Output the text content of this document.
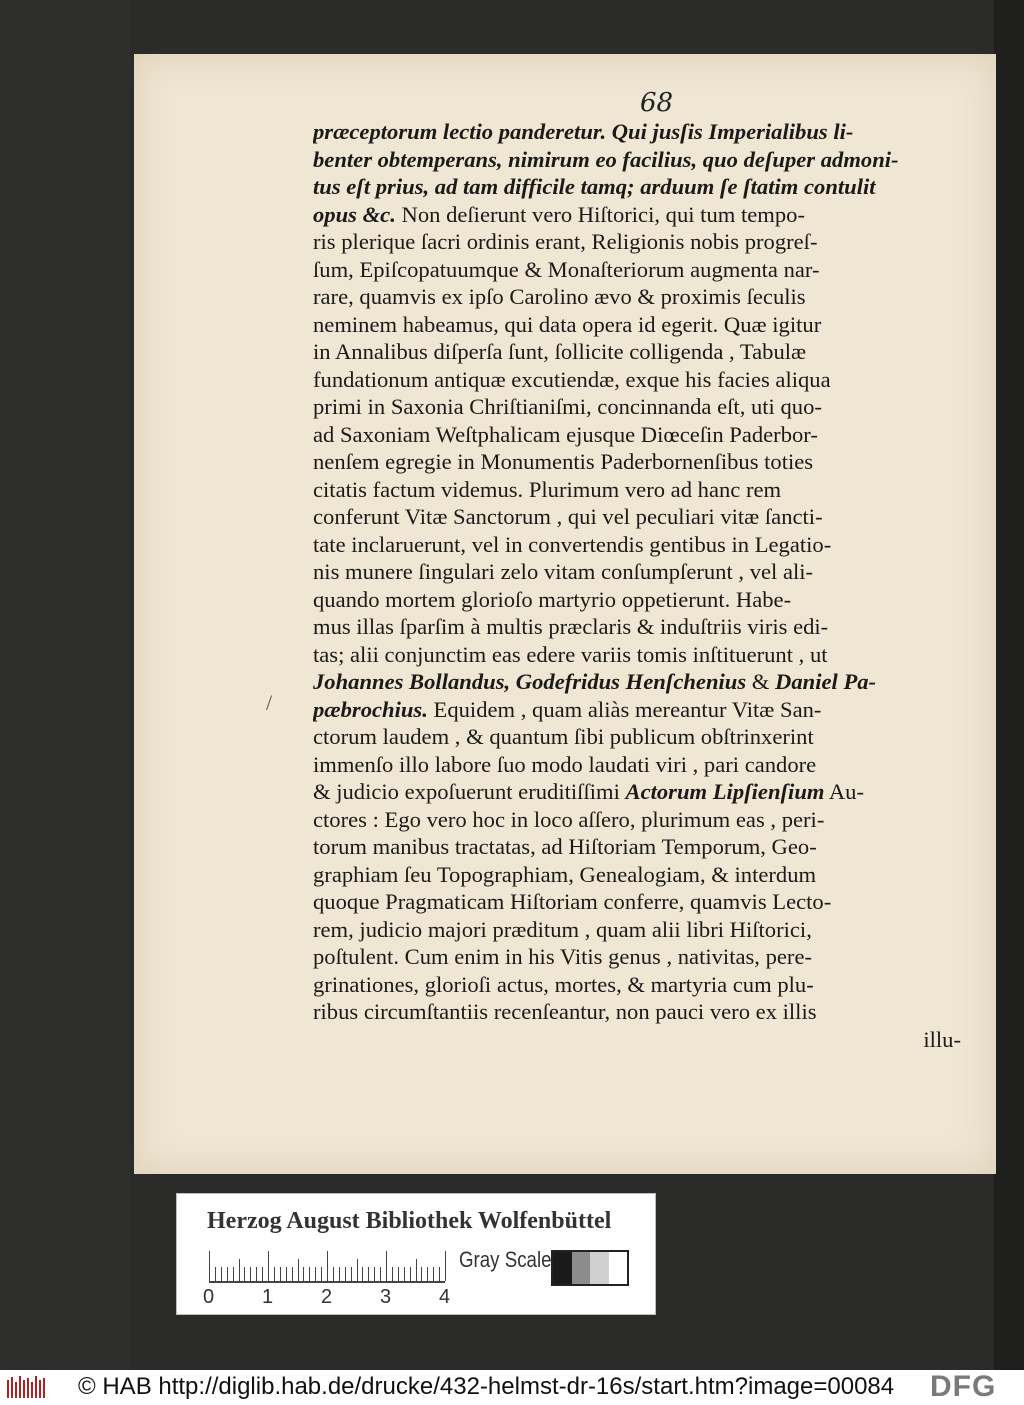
68
præceptorum lectio panderetur. Qui jusſis Imperialibus li-
benter obtemperans, nimirum eo facilius, quo deſuper admoni-
tus eſt prius, ad tam difficile tamq; arduum ſe ſtatim contulit
opus &c. Non deſierunt vero Hiſtorici, qui tum tempo-
ris plerique ſacri ordinis erant, Religionis nobis progreſ-
ſum, Epiſcopatuumque & Monaſteriorum augmenta nar-
rare, quamvis ex ipſo Carolino ævo & proximis ſeculis
neminem habeamus, qui data opera id egerit. Quæ igitur
in Annalibus diſperſa ſunt, ſollicite colligenda , Tabulæ
fundationum antiquæ excutiendæ, exque his facies aliqua
primi in Saxonia Chriſtianiſmi, concinnanda eſt, uti quo-
ad Saxoniam Weſtphalicam ejusque Diœceſin Paderbor-
nenſem egregie in Monumentis Paderbornenſibus toties
citatis factum videmus. Plurimum vero ad hanc rem
conferunt Vitæ Sanctorum , qui vel peculiari vitæ ſancti-
tate inclaruerunt, vel in convertendis gentibus in Legatio-
nis munere ſingulari zelo vitam conſumpſerunt , vel ali-
quando mortem glorioſo martyrio oppetierunt. Habe-
mus illas ſparſim à multis præclaris & induſtriis viris edi-
tas; alii conjunctim eas edere variis tomis inſtituerunt , ut
Johannes Bollandus, Godefridus Henſchenius & Daniel Pa-
pæbrochius. Equidem , quam aliàs mereantur Vitæ San-
ctorum laudem , & quantum ſibi publicum obſtrinxerint
immenſo illo labore ſuo modo laudati viri , pari candore
& judicio expoſuerunt eruditiſſimi Actorum Lipſienſium Au-
ctores : Ego vero hoc in loco aſſero, plurimum eas , peri-
torum manibus tractatas, ad Hiſtoriam Temporum, Geo-
graphiam ſeu Topographiam, Genealogiam, & interdum
quoque Pragmaticam Hiſtoriam conferre, quamvis Lecto-
rem, judicio majori præditum , quam alii libri Hiſtorici,
poſtulent. Cum enim in his Vitis genus , nativitas, pere-
grinationes, glorioſi actus, mortes, & martyria cum plu-
ribus circumſtantiis recenſeantur, non pauci vero ex illis
illu-
/
Herzog August Bibliothek Wolfenbüttel
0 1 2 3 4
Gray Scale
© HAB http://diglib.hab.de/drucke/432-helmst-dr-16s/start.htm?image=00084 DFG
